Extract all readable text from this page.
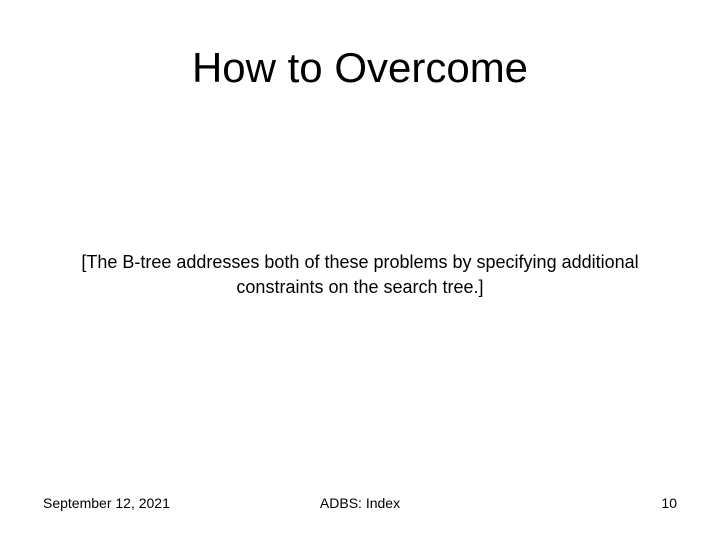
How to Overcome
[The B-tree addresses both of these problems by specifying additional
constraints on the search tree.]
September 12, 2021	ADBS: Index	10
